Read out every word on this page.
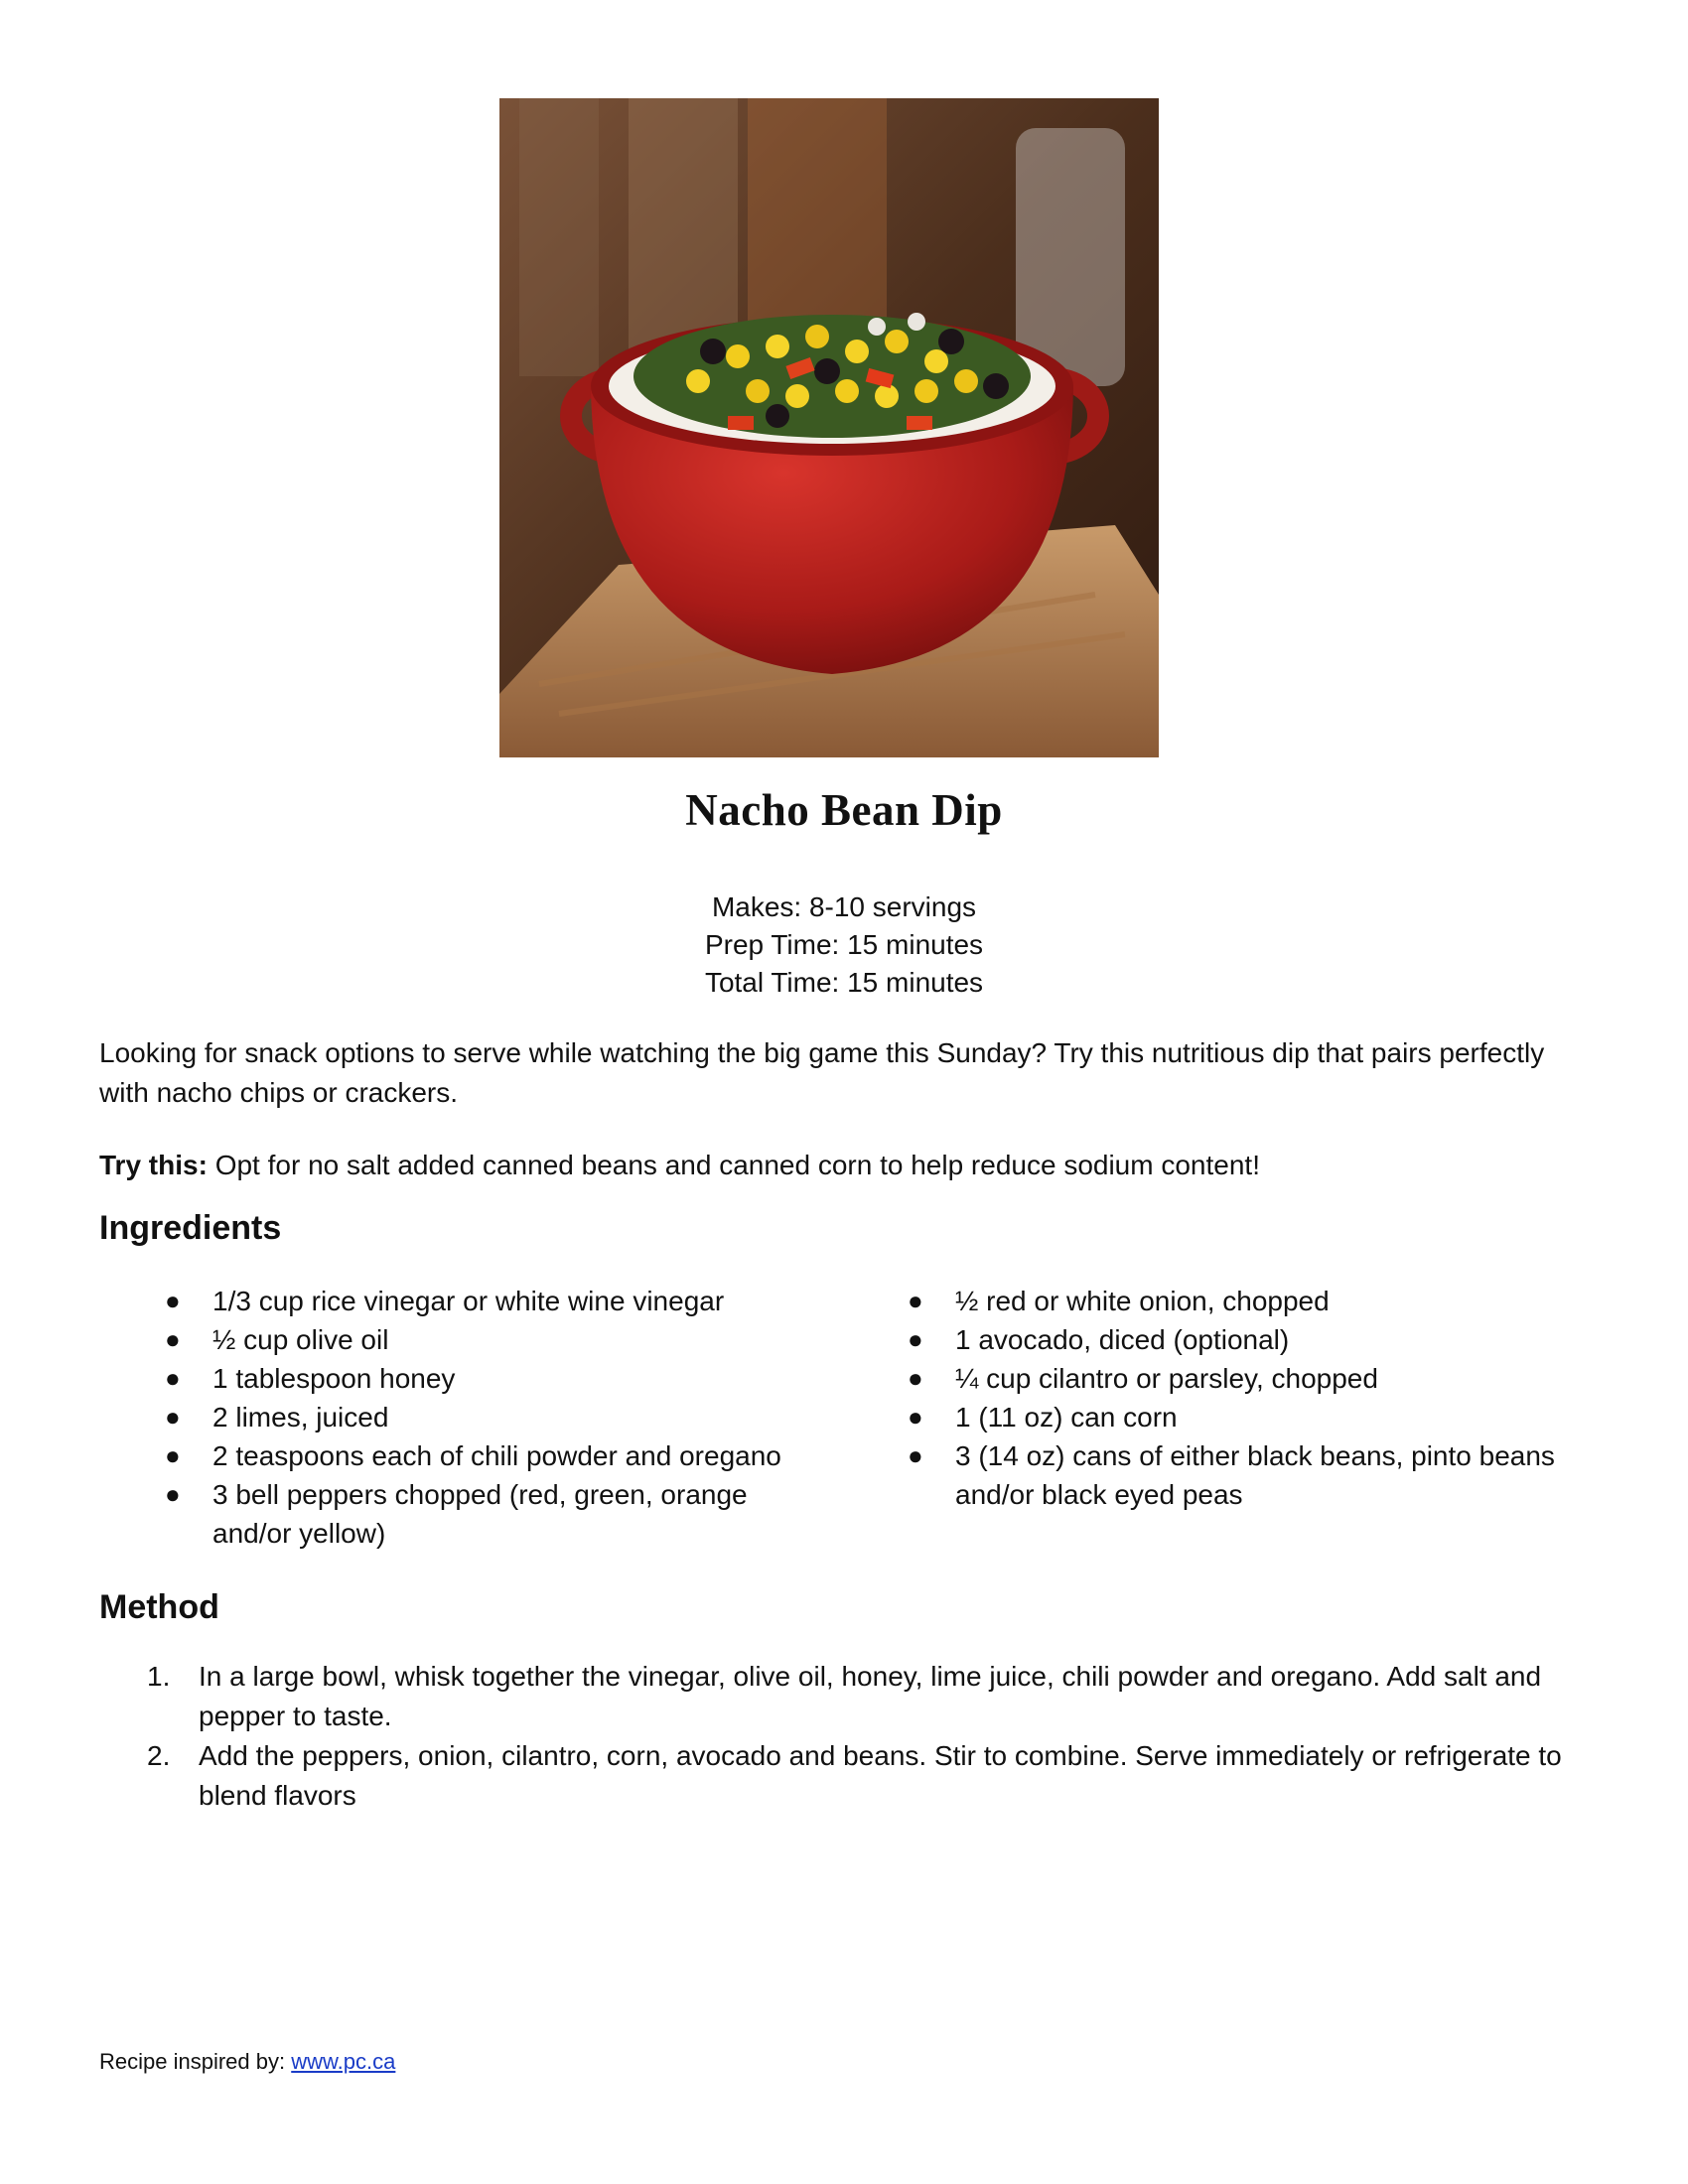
Nacho Bean Dip
Makes: 8-10 servings
Prep Time: 15 minutes
Total Time: 15 minutes
Looking for snack options to serve while watching the big game this Sunday? Try this nutritious dip that pairs perfectly with nacho chips or crackers.
Try this: Opt for no salt added canned beans and canned corn to help reduce sodium content!
Ingredients
● 1/3 cup rice vinegar or white wine vinegar
● ½ cup olive oil
● 1 tablespoon honey
● 2 limes, juiced
● 2 teaspoons each of chili powder and oregano
● 3 bell peppers chopped (red, green, orange and/or yellow)
● ½ red or white onion, chopped
● 1 avocado, diced (optional)
● ¼ cup cilantro or parsley, chopped
● 1 (11 oz) can corn
● 3 (14 oz) cans of either black beans, pinto beans and/or black eyed peas
Method
1. In a large bowl, whisk together the vinegar, olive oil, honey, lime juice, chili powder and oregano. Add salt and pepper to taste.
2. Add the peppers, onion, cilantro, corn, avocado and beans. Stir to combine. Serve immediately or refrigerate to blend flavors
Recipe inspired by: www.pc.ca
